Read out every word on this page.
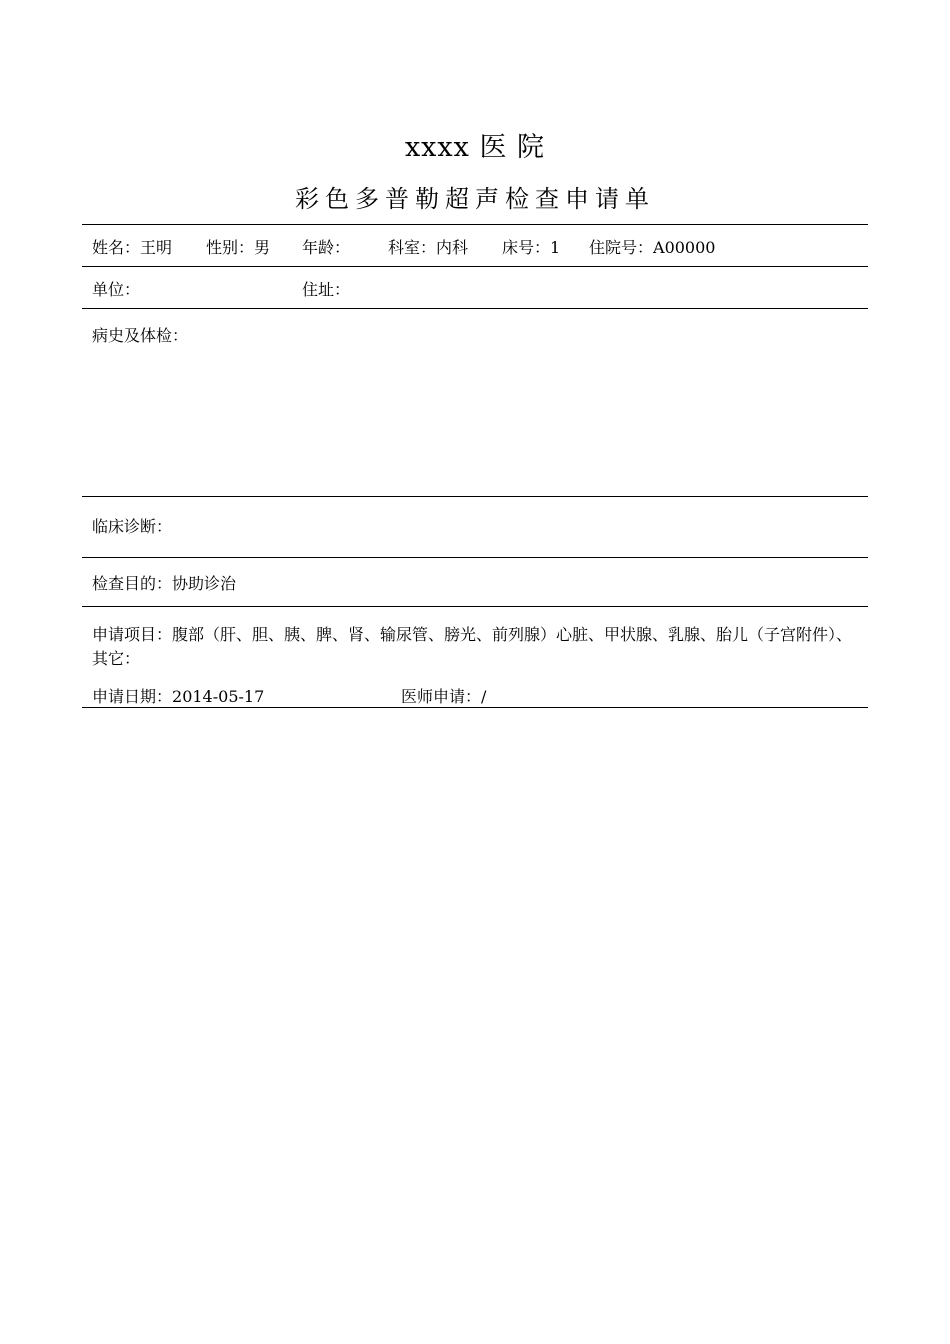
xxxx 医 院
彩色多普勒超声检查申请单
姓名：王明 性别：男 年龄： 科室：内科 床号：1 住院号：A00000
单位：	住址：
病史及体检：
临床诊断：
检查目的：协助诊治
申请项目：腹部（肝、胆、胰、脾、肾、输尿管、膀光、前列腺）心脏、甲状腺、乳腺、胎儿（子宫附件）、其它：
申请日期：2014-05-17	医师申请：/
